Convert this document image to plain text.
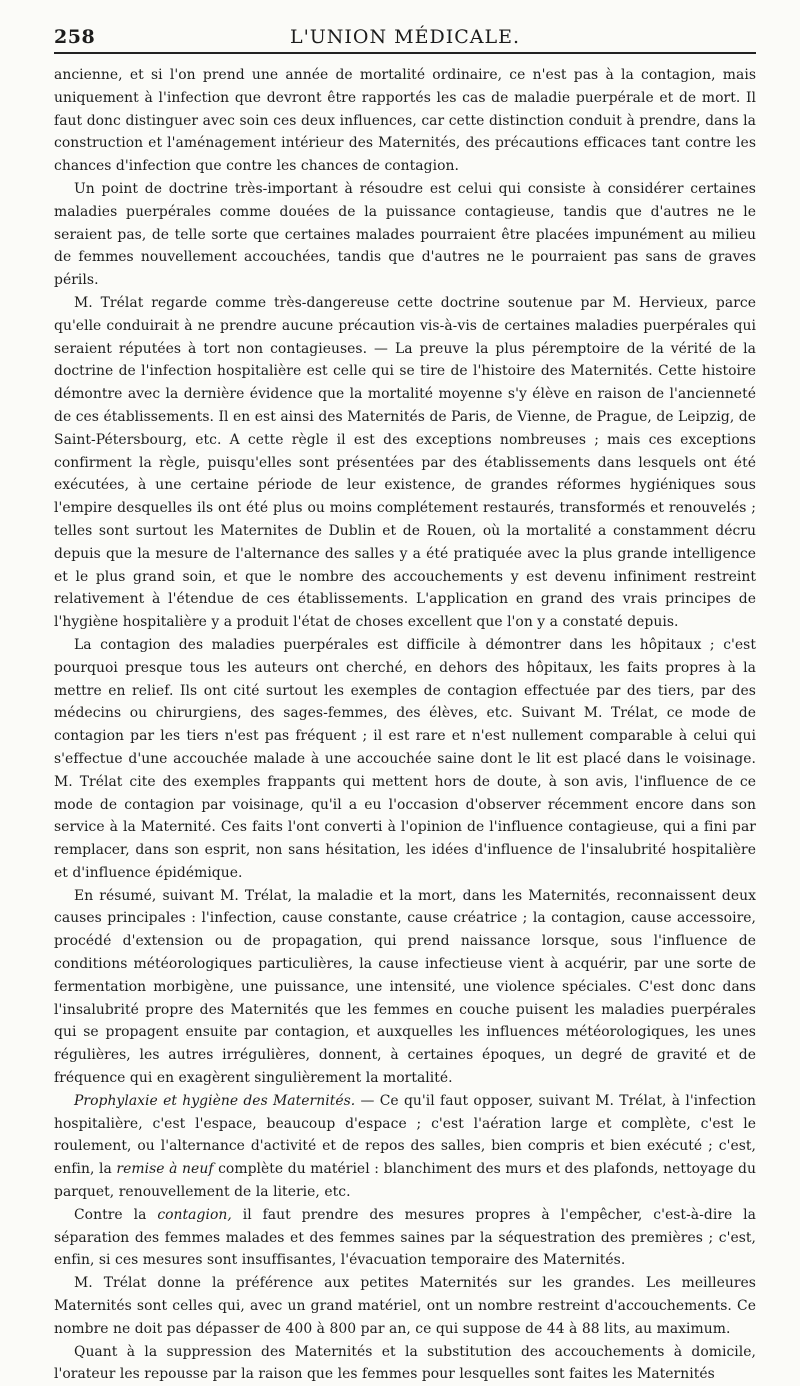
258	L'UNION MÉDICALE.

ancienne, et si l'on prend une année de mortalité ordinaire, ce n'est pas à la contagion, mais uniquement à l'infection que devront être rapportés les cas de maladie puerpérale et de mort. Il faut donc distinguer avec soin ces deux influences, car cette distinction conduit à prendre, dans la construction et l'aménagement intérieur des Maternités, des précautions efficaces tant contre les chances d'infection que contre les chances de contagion.

Un point de doctrine très-important à résoudre est celui qui consiste à considérer certaines maladies puerpérales comme douées de la puissance contagieuse, tandis que d'autres ne le seraient pas, de telle sorte que certaines malades pourraient être placées impunément au milieu de femmes nouvellement accouchées, tandis que d'autres ne le pourraient pas sans de graves périls.

M. Trélat regarde comme très-dangereuse cette doctrine soutenue par M. Hervieux, parce qu'elle conduirait à ne prendre aucune précaution vis-à-vis de certaines maladies puerpérales qui seraient réputées à tort non contagieuses. — La preuve la plus péremptoire de la vérité de la doctrine de l'infection hospitalière est celle qui se tire de l'histoire des Maternités. Cette histoire démontre avec la dernière évidence que la mortalité moyenne s'y élève en raison de l'ancienneté de ces établissements. Il en est ainsi des Maternités de Paris, de Vienne, de Prague, de Leipzig, de Saint-Pétersbourg, etc. A cette règle il est des exceptions nombreuses ; mais ces exceptions confirment la règle, puisqu'elles sont présentées par des établissements dans lesquels ont été exécutées, à une certaine période de leur existence, de grandes réformes hygiéniques sous l'empire desquelles ils ont été plus ou moins complétement restaurés, transformés et renouvelés ; telles sont surtout les Maternites de Dublin et de Rouen, où la mortalité a constamment décru depuis que la mesure de l'alternance des salles y a été pratiquée avec la plus grande intelligence et le plus grand soin, et que le nombre des accouchements y est devenu infiniment restreint relativement à l'étendue de ces établissements. L'application en grand des vrais principes de l'hygiène hospitalière y a produit l'état de choses excellent que l'on y a constaté depuis.

La contagion des maladies puerpérales est difficile à démontrer dans les hôpitaux ; c'est pourquoi presque tous les auteurs ont cherché, en dehors des hôpitaux, les faits propres à la mettre en relief. Ils ont cité surtout les exemples de contagion effectuée par des tiers, par des médecins ou chirurgiens, des sages-femmes, des élèves, etc. Suivant M. Trélat, ce mode de contagion par les tiers n'est pas fréquent ; il est rare et n'est nullement comparable à celui qui s'effectue d'une accouchée malade à une accouchée saine dont le lit est placé dans le voisinage. M. Trélat cite des exemples frappants qui mettent hors de doute, à son avis, l'influence de ce mode de contagion par voisinage, qu'il a eu l'occasion d'observer récemment encore dans son service à la Maternité. Ces faits l'ont converti à l'opinion de l'influence contagieuse, qui a fini par remplacer, dans son esprit, non sans hésitation, les idées d'influence de l'insalubrité hospitalière et d'influence épidémique.

En résumé, suivant M. Trélat, la maladie et la mort, dans les Maternités, reconnaissent deux causes principales : l'infection, cause constante, cause créatrice ; la contagion, cause accessoire, procédé d'extension ou de propagation, qui prend naissance lorsque, sous l'influence de conditions météorologiques particulières, la cause infectieuse vient à acquérir, par une sorte de fermentation morbigène, une puissance, une intensité, une violence spéciales. C'est donc dans l'insalubrité propre des Maternités que les femmes en couche puisent les maladies puerpérales qui se propagent ensuite par contagion, et auxquelles les influences météorologiques, les unes régulières, les autres irrégulières, donnent, à certaines époques, un degré de gravité et de fréquence qui en exagèrent singulièrement la mortalité.

Prophylaxie et hygiène des Maternités. — Ce qu'il faut opposer, suivant M. Trélat, à l'infection hospitalière, c'est l'espace, beaucoup d'espace ; c'est l'aération large et complète, c'est le roulement, ou l'alternance d'activité et de repos des salles, bien compris et bien exécuté ; c'est, enfin, la remise à neuf complète du matériel : blanchiment des murs et des plafonds, nettoyage du parquet, renouvellement de la literie, etc.

Contre la contagion, il faut prendre des mesures propres à l'empêcher, c'est-à-dire la séparation des femmes malades et des femmes saines par la séquestration des premières ; c'est, enfin, si ces mesures sont insuffisantes, l'évacuation temporaire des Maternités.

M. Trélat donne la préférence aux petites Maternités sur les grandes. Les meilleures Maternités sont celles qui, avec un grand matériel, ont un nombre restreint d'accouchements. Ce nombre ne doit pas dépasser de 400 à 800 par an, ce qui suppose de 44 à 88 lits, au maximum.

Quant à la suppression des Maternités et la substitution des accouchements à domicile, l'orateur les repousse par la raison que les femmes pour lesquelles sont faites les Maternités
